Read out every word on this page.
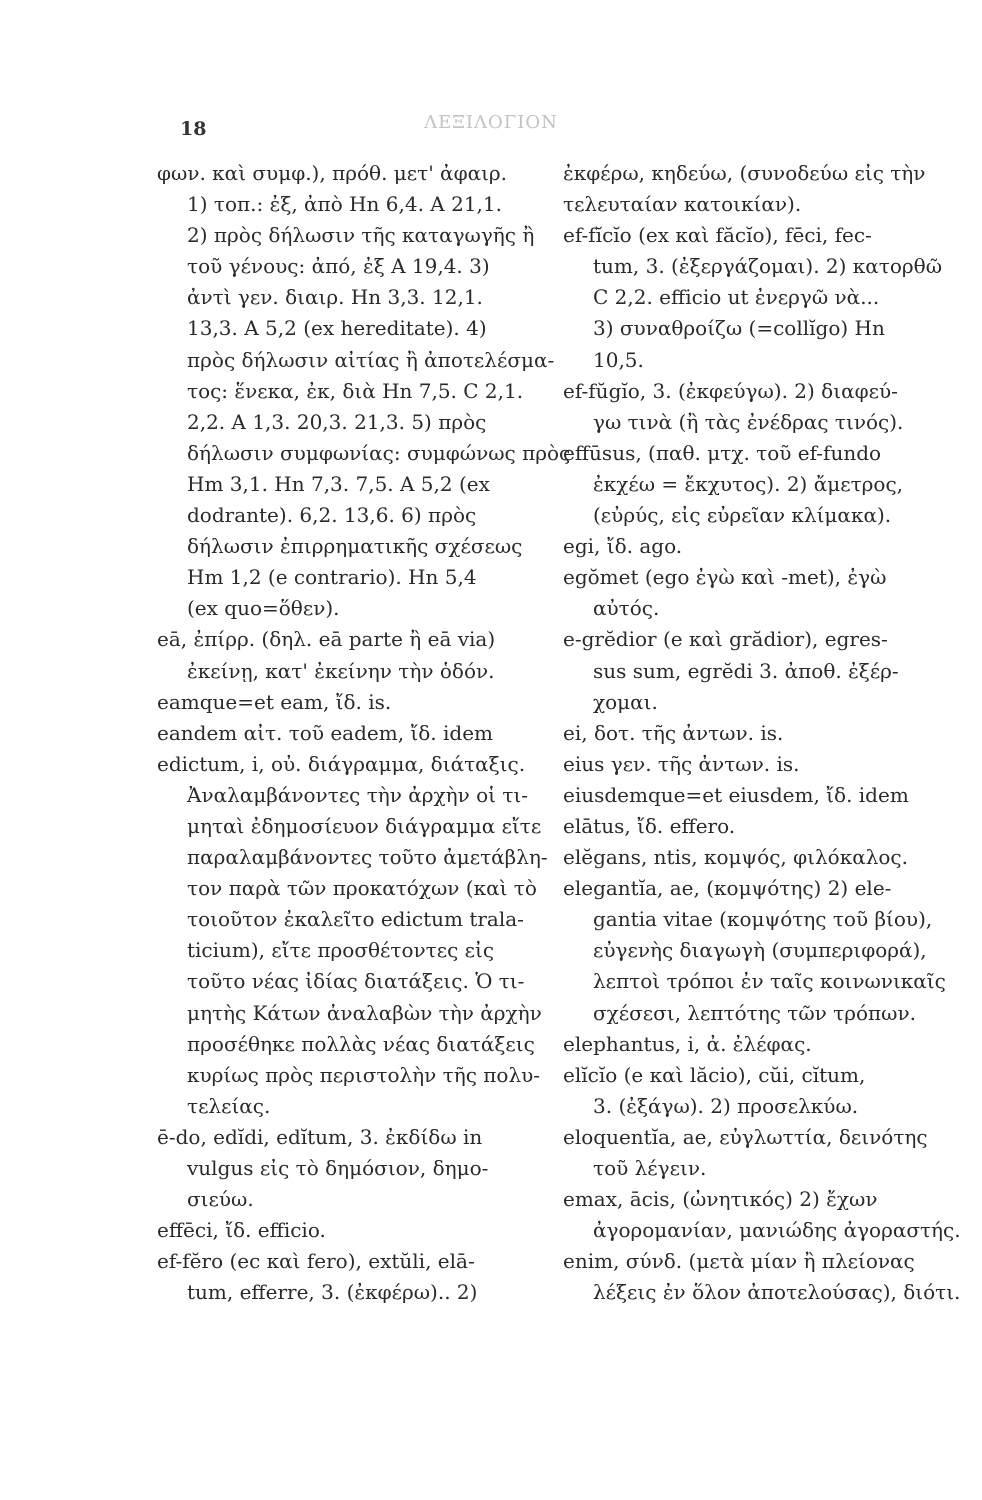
18	ΛΕΞΙΛΟΓΙΟΝ
φων. καὶ συμφ.), πρόθ. μετ' ἀφαιρ.
1) τοπ.: ἐξ, ἀπὸ Hn 6,4. A 21,1.
2) πρὸς δήλωσιν τῆς καταγωγῆς ἢ
τοῦ γένους: ἀπό, ἐξ A 19,4. 3)
ἀντὶ γεν. διαιρ. Hn 3,3. 12,1.
13,3. A 5,2 (ex hereditate). 4)
πρὸς δήλωσιν αἰτίας ἢ ἀποτελέσμα-
τος: ἕνεκα, ἐκ, διὰ Hn 7,5. C 2,1.
2,2. A 1,3. 20,3. 21,3. 5) πρὸς
δήλωσιν συμφωνίας: συμφώνως πρὸς
Hm 3,1. Hn 7,3. 7,5. A 5,2 (ex
dodrante). 6,2. 13,6. 6) πρὸς
δήλωσιν ἐπιρρηματικῆς σχέσεως
Hm 1,2 (e contrario). Hn 5,4
(ex quo=ὅθεν).
eā, ἐπίρρ. (δηλ. eā parte ἢ eā via)
ἐκείνῃ, κατ' ἐκείνην τὴν ὁδόν.
eamque=et eam, ἴδ. is.
eandem αἰτ. τοῦ eadem, ἴδ. idem
edictum, i, οὐ. διάγραμμα, διάταξις.
Ἀναλαμβάνοντες τὴν ἀρχὴν οἱ τι-
μηταὶ ἐδημοσίευον διάγραμμα εἴτε
παραλαμβάνοντες τοῦτο ἀμετάβλη-
τον παρὰ τῶν προκατόχων (καὶ τὸ
τοιοῦτον ἐκαλεῖτο edictum trala-
ticium), εἴτε προσθέτοντες εἰς
τοῦτο νέας ἰδίας διατάξεις. Ὁ τι-
μητὴς Κάτων ἀναλαβὼν τὴν ἀρχὴν
προσέθηκε πολλὰς νέας διατάξεις
κυρίως πρὸς περιστολὴν τῆς πολυ-
τελείας.
ē-do, edĭdi, edĭtum, 3. ἐκδίδω in
vulgus εἰς τὸ δημόσιον, δημο-
σιεύω.
effēci, ἴδ. efficio.
ef-fĕro (ec καὶ fero), extŭli, elā-
tum, efferre, 3. (ἐκφέρω).. 2)
ἐκφέρω, κηδεύω, (συνοδεύω εἰς τὴν
τελευταίαν κατοικίαν).
ef-fĭcĭo (ex καὶ făcĭo), fēci, fec-
tum, 3. (ἐξεργάζομαι). 2) κατορθῶ
C 2,2. efficio ut ἐνεργῶ νὰ...
3) συναθροίζω (=collĭgo) Hn
10,5.
ef-fŭgĭo, 3. (ἐκφεύγω). 2) διαφεύ-
γω τινὰ (ἢ τὰς ἐνέδρας τινός).
effūsus, (παθ. μτχ. τοῦ ef-fundo
ἐκχέω = ἔκχυτος). 2) ἄμετρος,
(εὐρύς, εἰς εὐρεῖαν κλίμακα).
egi, ἴδ. ago.
egŏmet (ego ἐγὼ καὶ -met), ἐγὼ
αὐτός.
e-grĕdior (e καὶ grădior), egres-
sus sum, egrĕdi 3. ἀποθ. ἐξέρ-
χομαι.
ei, δοτ. τῆς ἀντων. is.
eius γεν. τῆς ἀντων. is.
eiusdemque=et eiusdem, ἴδ. idem
elātus, ἴδ. effero.
elĕgans, ntis, κομψός, φιλόκαλος.
elegantĭa, ae, (κομψότης) 2) ele-
gantia vitae (κομψότης τοῦ βίου),
εὐγενὴς διαγωγὴ (συμπεριφορά),
λεπτοὶ τρόποι ἐν ταῖς κοινωνικαῖς
σχέσεσι, λεπτότης τῶν τρόπων.
elephantus, i, ἀ. ἐλέφας.
elĭcĭo (e καὶ lăcio), cŭi, cĭtum,
3. (ἐξάγω). 2) προσελκύω.
eloquentĭa, ae, εὐγλωττία, δεινότης
τοῦ λέγειν.
emax, ācis, (ὠνητικός) 2) ἔχων
ἀγορομανίαν, μανιώδης ἀγοραστής.
enim, σύνδ. (μετὰ μίαν ἢ πλείονας
λέξεις ἐν ὅλον ἀποτελούσας), διότι.
